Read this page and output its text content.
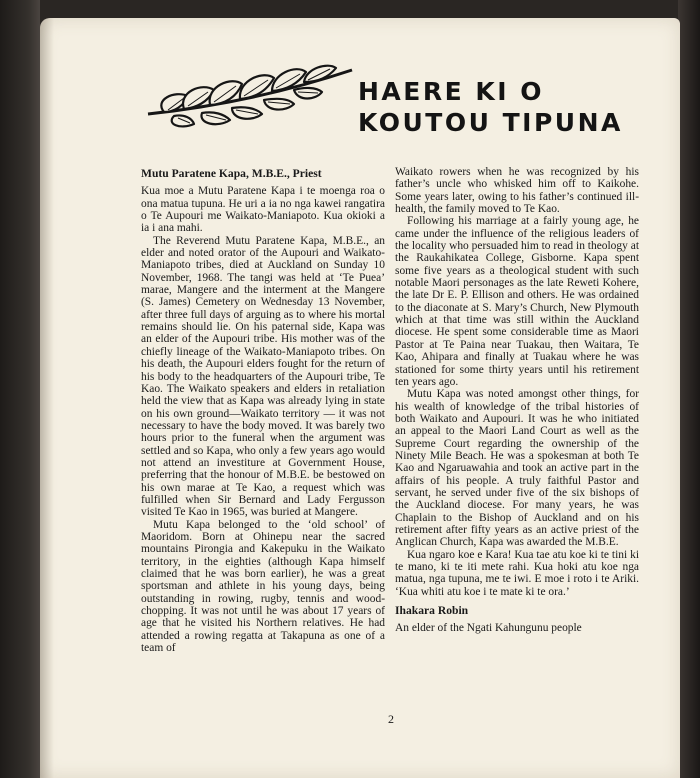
HAERE KI O
KOUTOU TIPUNA
Mutu Paratene Kapa, M.B.E., Priest

Kua moe a Mutu Paratene Kapa i te moenga roa o ona matua tupuna. He uri a ia no nga kawei rangatira o Te Aupouri me Waikato-Maniapoto. Kua okioki a ia i ana mahi.

The Reverend Mutu Paratene Kapa, M.B.E., an elder and noted orator of the Aupouri and Waikato-Maniapoto tribes, died at Auckland on Sunday 10 November, 1968. The tangi was held at ‘Te Puea’ marae, Mangere and the interment at the Mangere (S. James) Cemetery on Wednesday 13 November, after three full days of arguing as to where his mortal remains should lie. On his paternal side, Kapa was an elder of the Aupouri tribe. His mother was of the chiefly lineage of the Waikato-Maniapoto tribes. On his death, the Aupouri elders fought for the return of his body to the headquarters of the Aupouri tribe, Te Kao. The Waikato speakers and elders in retaliation held the view that as Kapa was already lying in state on his own ground—Waikato territory — it was not necessary to have the body moved. It was barely two hours prior to the funeral when the argument was settled and so Kapa, who only a few years ago would not attend an investiture at Government House, preferring that the honour of M.B.E. be bestowed on his own marae at Te Kao, a request which was fulfilled when Sir Bernard and Lady Fergusson visited Te Kao in 1965, was buried at Mangere.

Mutu Kapa belonged to the ‘old school’ of Maoridom. Born at Ohinepu near the sacred mountains Pirongia and Kakepuku in the Waikato territory, in the eighties (although Kapa himself claimed that he was born earlier), he was a great sportsman and athlete in his young days, being outstanding in rowing, rugby, tennis and wood-chopping. It was not until he was about 17 years of age that he visited his Northern relatives. He had attended a rowing regatta at Takapuna as one of a team of

Waikato rowers when he was recognized by his father’s uncle who whisked him off to Kaikohe. Some years later, owing to his father’s continued ill-health, the family moved to Te Kao.

Following his marriage at a fairly young age, he came under the influence of the religious leaders of the locality who persuaded him to read in theology at the Raukahikatea College, Gisborne. Kapa spent some five years as a theological student with such notable Maori personages as the late Reweti Kohere, the late Dr E. P. Ellison and others. He was ordained to the diaconate at S. Mary’s Church, New Plymouth which at that time was still within the Auckland diocese. He spent some considerable time as Maori Pastor at Te Paina near Tuakau, then Waitara, Te Kao, Ahipara and finally at Tuakau where he was stationed for some thirty years until his retirement ten years ago.

Mutu Kapa was noted amongst other things, for his wealth of knowledge of the tribal histories of both Waikato and Aupouri. It was he who initiated an appeal to the Maori Land Court as well as the Supreme Court regarding the ownership of the Ninety Mile Beach. He was a spokesman at both Te Kao and Ngaruawahia and took an active part in the affairs of his people. A truly faithful Pastor and servant, he served under five of the six bishops of the Auckland diocese. For many years, he was Chaplain to the Bishop of Auckland and on his retirement after fifty years as an active priest of the Anglican Church, Kapa was awarded the M.B.E.

Kua ngaro koe e Kara! Kua tae atu koe ki te tini ki te mano, ki te iti mete rahi. Kua hoki atu koe nga matua, nga tupuna, me te iwi. E moe i roto i te Ariki. ‘Kua whiti atu koe i te mate ki te ora.’

Ihakara Robin

An elder of the Ngati Kahungunu people

2
